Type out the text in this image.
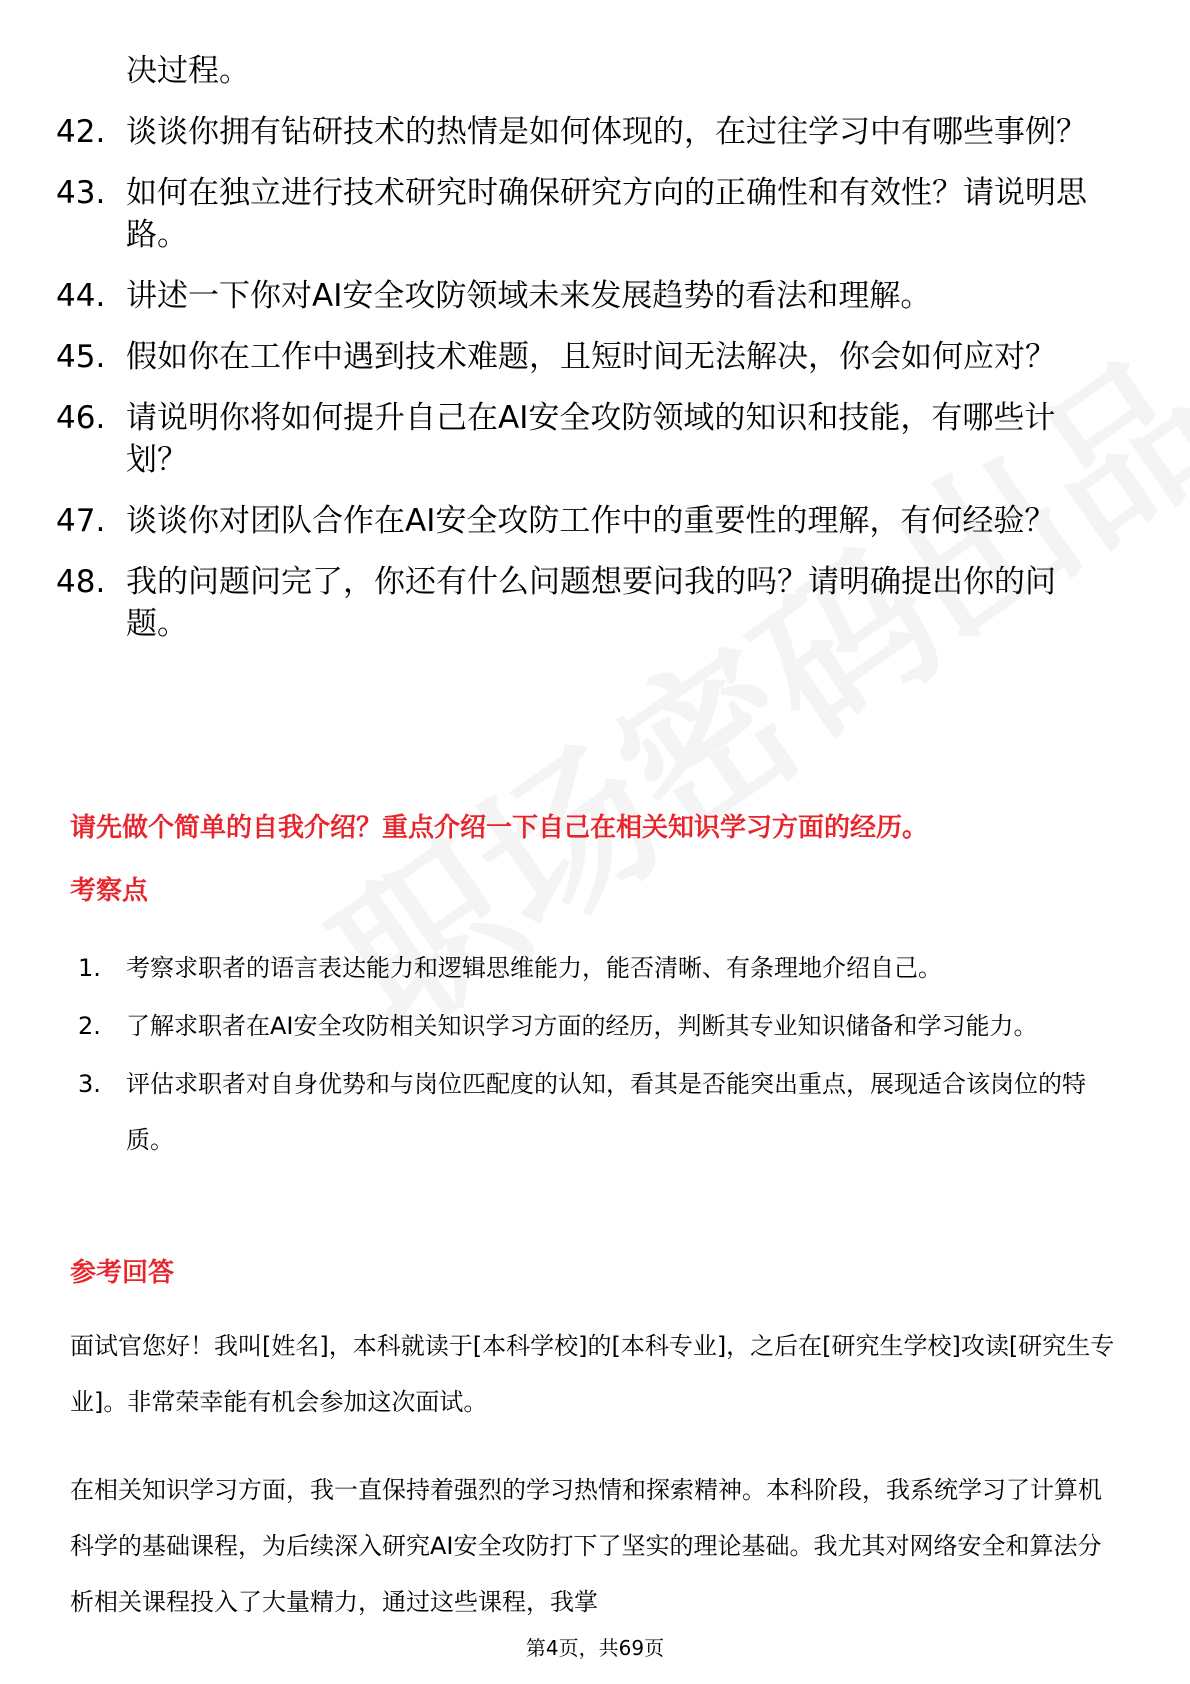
决过程。
42. 谈谈你拥有钻研技术的热情是如何体现的，在过往学习中有哪些事例？
43. 如何在独立进行技术研究时确保研究方向的正确性和有效性？请说明思路。
44. 讲述一下你对AI安全攻防领域未来发展趋势的看法和理解。
45. 假如你在工作中遇到技术难题，且短时间无法解决，你会如何应对？
46. 请说明你将如何提升自己在AI安全攻防领域的知识和技能，有哪些计划？
47. 谈谈你对团队合作在AI安全攻防工作中的重要性的理解，有何经验？
48. 我的问题问完了，你还有什么问题想要问我的吗？请明确提出你的问题。
请先做个简单的自我介绍？重点介绍一下自己在相关知识学习方面的经历。
考察点
1.	考察求职者的语言表达能力和逻辑思维能力，能否清晰、有条理地介绍自己。
2.	了解求职者在AI安全攻防相关知识学习方面的经历，判断其专业知识储备和学习能力。
3.	评估求职者对自身优势和与岗位匹配度的认知，看其是否能突出重点，展现适合该岗位的特质。
参考回答
面试官您好！我叫[姓名]，本科就读于[本科学校]的[本科专业]，之后在[研究生学校]攻读[研究生专业]。非常荣幸能有机会参加这次面试。
在相关知识学习方面，我一直保持着强烈的学习热情和探索精神。本科阶段，我系统学习了计算机科学的基础课程，为后续深入研究AI安全攻防打下了坚实的理论基础。我尤其对网络安全和算法分析相关课程投入了大量精力，通过这些课程，我掌
第4页，共69页
